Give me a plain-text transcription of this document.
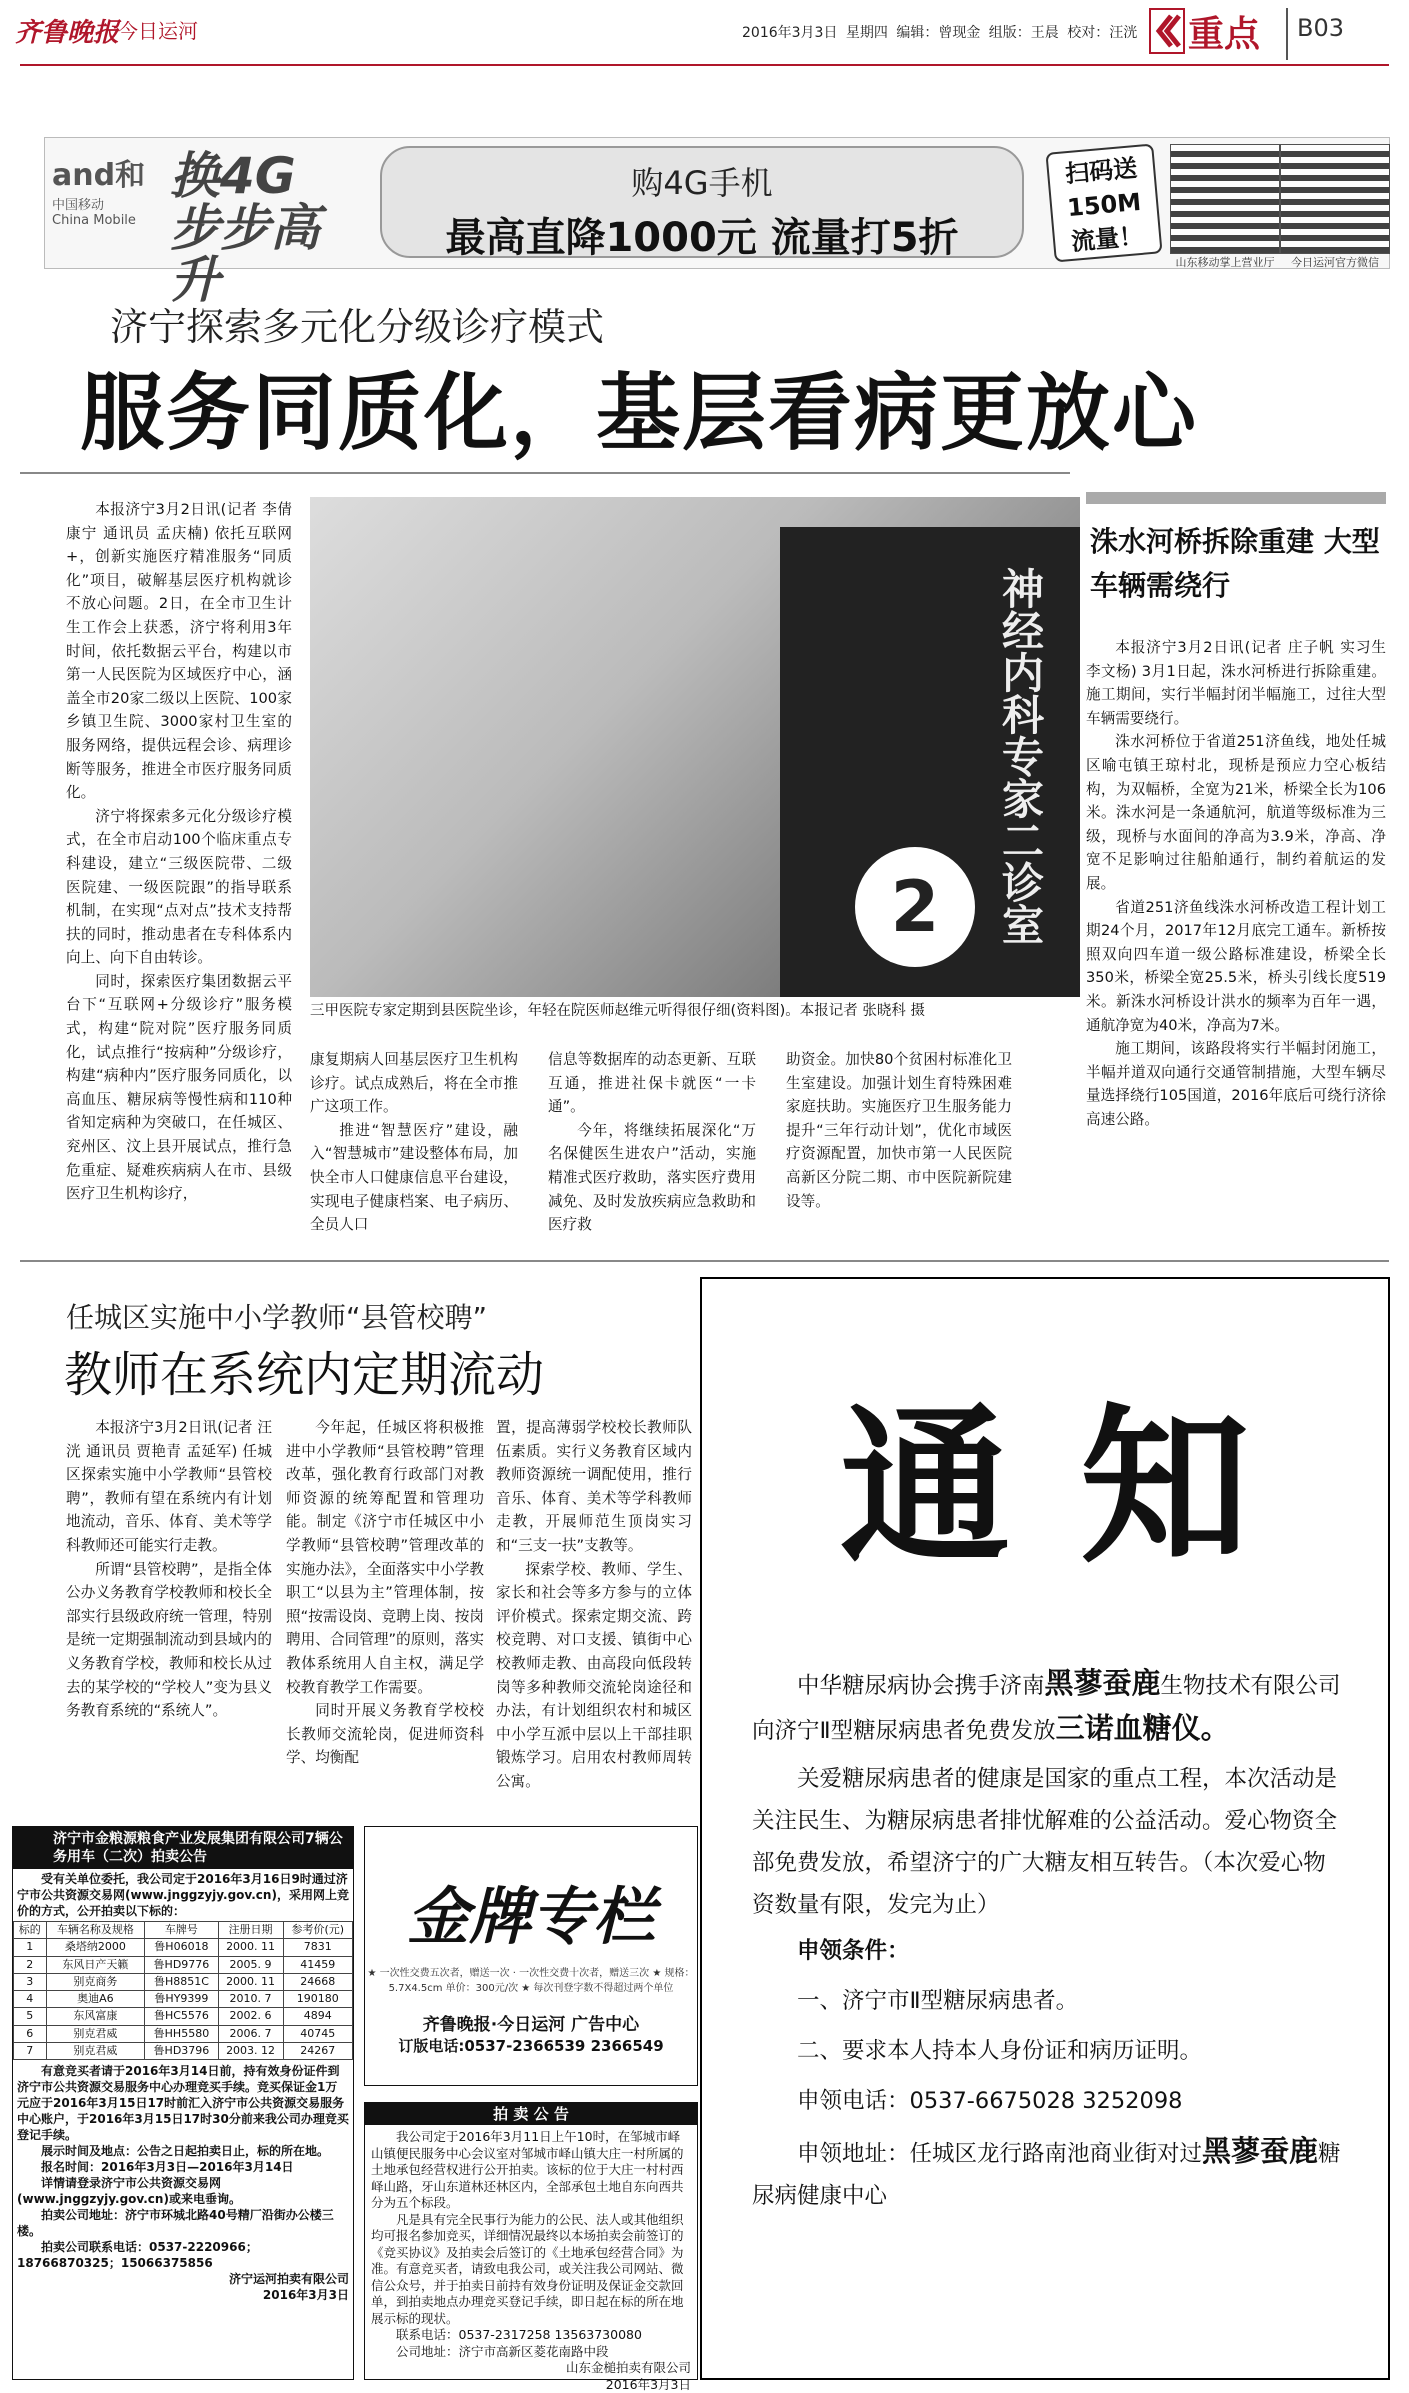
齐鲁晚报
今日运河	2016年3月3日 星期四 编辑：曾现金 组版：王晨 校对：汪洸 重点 B03
and和
中国移动
China Mobile
换4G 步步高升
购4G手机
最高直降1000元 流量打5折
扫码送 150M 流量！
山东移动掌上营业厅	今日运河官方微信
济宁探索多元化分级诊疗模式
服务同质化，基层看病更放心

本报济宁3月2日讯(记者 李倩 康宁 通讯员 孟庆楠) 依托互联网+，创新实施医疗精准服务“同质化”项目，破解基层医疗机构就诊不放心问题。2日，在全市卫生计生工作会上获悉，济宁将利用3年时间，依托数据云平台，构建以市第一人民医院为区域医疗中心，涵盖全市20家二级以上医院、100家乡镇卫生院、3000家村卫生室的服务网络，提供远程会诊、病理诊断等服务，推进全市医疗服务同质化。

济宁将探索多元化分级诊疗模式，在全市启动100个临床重点专科建设，建立“三级医院带、二级医院建、一级医院跟”的指导联系机制，在实现“点对点”技术支持帮扶的同时，推动患者在专科体系内向上、向下自由转诊。

同时，探索医疗集团数据云平台下“互联网+分级诊疗”服务模式，构建“院对院”医疗服务同质化，试点推行“按病种”分级诊疗，构建“病种内”医疗服务同质化，以高血压、糖尿病等慢性病和110种省知定病种为突破口，在任城区、兖州区、汶上县开展试点，推行急危重症、疑难疾病病人在市、县级医疗卫生机构诊疗，

神经内科专家二诊室
2
三甲医院专家定期到县医院坐诊，年轻在院医师赵维元听得很仔细(资料图)。本报记者 张晓科 摄

康复期病人回基层医疗卫生机构诊疗。试点成熟后，将在全市推广这项工作。

推进“智慧医疗”建设，融入“智慧城市”建设整体布局，加快全市人口健康信息平台建设，实现电子健康档案、电子病历、全员人口

信息等数据库的动态更新、互联互通，推进社保卡就医“一卡通”。

今年，将继续拓展深化“万名保健医生进农户”活动，实施精准式医疗救助，落实医疗费用减免、及时发放疾病应急救助和医疗救

助资金。加快80个贫困村标准化卫生室建设。加强计划生育特殊困难家庭扶助。实施医疗卫生服务能力提升“三年行动计划”，优化市域医疗资源配置，加快市第一人民医院高新区分院二期、市中医院新院建设等。

洙水河桥拆除重建 大型车辆需绕行

本报济宁3月2日讯(记者 庄子帆 实习生 李文杨) 3月1日起，洙水河桥进行拆除重建。施工期间，实行半幅封闭半幅施工，过往大型车辆需要绕行。

洙水河桥位于省道251济鱼线，地处任城区喻屯镇王琼村北，现桥是预应力空心板结构，为双幅桥，全宽为21米，桥梁全长为106米。洙水河是一条通航河，航道等级标准为三级，现桥与水面间的净高为3.9米，净高、净宽不足影响过往船舶通行，制约着航运的发展。

省道251济鱼线洙水河桥改造工程计划工期24个月，2017年12月底完工通车。新桥按照双向四车道一级公路标准建设，桥梁全长350米，桥梁全宽25.5米，桥头引线长度519米。新洙水河桥设计洪水的频率为百年一遇，通航净宽为40米，净高为7米。

施工期间，该路段将实行半幅封闭施工，半幅并道双向通行交通管制措施，大型车辆尽量选择绕行105国道，2016年底后可绕行济徐高速公路。

任城区实施中小学教师“县管校聘”
教师在系统内定期流动

本报济宁3月2日讯(记者 汪洸 通讯员 贾艳青 孟延军) 任城区探索实施中小学教师“县管校聘”，教师有望在系统内有计划地流动，音乐、体育、美术等学科教师还可能实行走教。

所谓“县管校聘”，是指全体公办义务教育学校教师和校长全部实行县级政府统一管理，特别是统一定期强制流动到县域内的义务教育学校，教师和校长从过去的某学校的“学校人”变为县义务教育系统的“系统人”。

今年起，任城区将积极推进中小学教师“县管校聘”管理改革，强化教育行政部门对教师资源的统筹配置和管理功能。制定《济宁市任城区中小学教师“县管校聘”管理改革的实施办法》，全面落实中小学教职工“以县为主”管理体制，按照“按需设岗、竞聘上岗、按岗聘用、合同管理”的原则，落实教体系统用人自主权，满足学校教育教学工作需要。

同时开展义务教育学校校长教师交流轮岗，促进师资科学、均衡配

置，提高薄弱学校校长教师队伍素质。实行义务教育区域内教师资源统一调配使用，推行音乐、体育、美术等学科教师走教，开展师范生顶岗实习和“三支一扶”支教等。

探索学校、教师、学生、家长和社会等多方参与的立体评价模式。探索定期交流、跨校竞聘、对口支援、镇街中心校教师走教、由高段向低段转岗等多种教师交流轮岗途径和办法，有计划组织农村和城区中小学互派中层以上干部挂职锻炼学习。启用农村教师周转公寓。

通知

中华糖尿病协会携手济南黑蓼蚕鹿生物技术有限公司向济宁Ⅱ型糖尿病患者免费发放三诺血糖仪。

关爱糖尿病患者的健康是国家的重点工程，本次活动是关注民生、为糖尿病患者排忧解难的公益活动。爱心物资全部免费发放，希望济宁的广大糖友相互转告。（本次爱心物资数量有限，发完为止）

申领条件：

一、济宁市Ⅱ型糖尿病患者。

二、要求本人持本人身份证和病历证明。

申领电话：0537-6675028 3252098

申领地址：任城区龙行路南池商业街对过黑蓼蚕鹿糖尿病健康中心

济宁市金粮源粮食产业发展集团有限公司7辆公务用车（二次）拍卖公告

受有关单位委托，我公司定于2016年3月16日9时通过济宁市公共资源交易网(www.jnggzyjy.gov.cn)，采用网上竞价的方式，公开拍卖以下标的：

标的	车辆名称及规格	车牌号	注册日期	参考价(元)
1	桑塔纳2000	鲁H06018	2000. 11	7831
2	东风日产天籁	鲁HD9776	2005. 9	41459
3	别克商务	鲁H8851C	2000. 11	24668
4	奥迪A6	鲁HY9399	2010. 7	190180
5	东风富康	鲁HC5576	2002. 6	4894
6	别克君威	鲁HH5580	2006. 7	40745
7	别克君威	鲁HD3796	2003. 12	24267

有意竞买者请于2016年3月14日前，持有效身份证件到济宁市公共资源交易服务中心办理竞买手续。竞买保证金1万元应于2016年3月15日17时前汇入济宁市公共资源交易服务中心账户，于2016年3月15日17时30分前来我公司办理竞买登记手续。

展示时间及地点：公告之日起拍卖日止，标的所在地。

报名时间：2016年3月3日—2016年3月14日

详情请登录济宁市公共资源交易网(www.jnggzyjy.gov.cn)或来电垂询。

拍卖公司地址：济宁市环城北路40号精厂沿街办公楼三楼。

拍卖公司联系电话：0537-2220966；18766870325；15066375856

济宁运河拍卖有限公司

2016年3月3日

金牌专栏
★ 一次性交费五次者，赠送一次 · 一次性交费十次者，赠送三次 ★ 规格：5.7X4.5cm 单价：300元/次 ★ 每次刊登字数不得超过两个单位
齐鲁晚报·今日运河 广告中心
订版电话:0537-2366539 2366549
拍 卖 公 告

我公司定于2016年3月11日上午10时，在邹城市峄山镇便民服务中心会议室对邹城市峄山镇大庄一村所属的土地承包经营权进行公开拍卖。该标的位于大庄一村村西峄山路，牙山东道林还林区内，全部承包土地自东向西共分为五个标段。

凡是具有完全民事行为能力的公民、法人或其他组织均可报名参加竞买，详细情况最终以本场拍卖会前签订的《竞买协议》及拍卖会后签订的《土地承包经营合同》为准。有意竞买者，请致电我公司，或关注我公司网站、微信公众号，并于拍卖日前持有效身份证明及保证金交款回单，到拍卖地点办理竞买登记手续，即日起在标的所在地展示标的现状。

联系电话：0537-2317258 13563730080

公司地址：济宁市高新区菱花南路中段

山东金槌拍卖有限公司

2016年3月3日
